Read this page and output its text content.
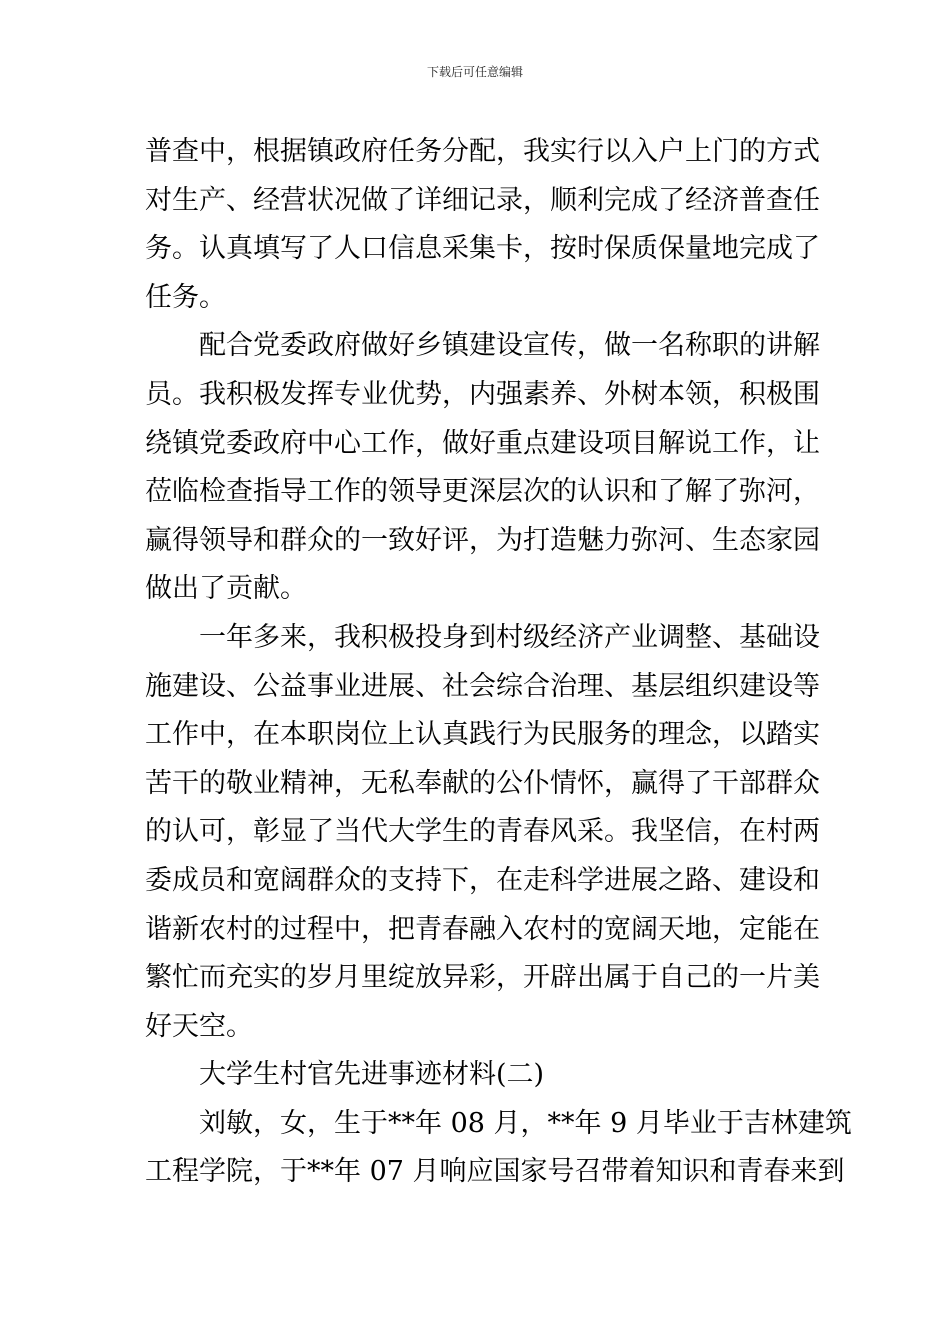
下载后可任意编辑
普查中，根据镇政府任务分配，我实行以入户上门的方式
对生产、经营状况做了详细记录，顺利完成了经济普查任
务。认真填写了人口信息采集卡，按时保质保量地完成了
任务。
配合党委政府做好乡镇建设宣传，做一名称职的讲解
员。我积极发挥专业优势，内强素养、外树本领，积极围
绕镇党委政府中心工作，做好重点建设项目解说工作，让
莅临检查指导工作的领导更深层次的认识和了解了弥河，
赢得领导和群众的一致好评，为打造魅力弥河、生态家园
做出了贡献。
一年多来，我积极投身到村级经济产业调整、基础设
施建设、公益事业进展、社会综合治理、基层组织建设等
工作中，在本职岗位上认真践行为民服务的理念，以踏实
苦干的敬业精神，无私奉献的公仆情怀，赢得了干部群众
的认可，彰显了当代大学生的青春风采。我坚信，在村两
委成员和宽阔群众的支持下，在走科学进展之路、建设和
谐新农村的过程中，把青春融入农村的宽阔天地，定能在
繁忙而充实的岁月里绽放异彩，开辟出属于自己的一片美
好天空。
大学生村官先进事迹材料(二)
刘敏，女，生于**年 08 月，**年 9 月毕业于吉林建筑
工程学院，于**年 07 月响应国家号召带着知识和青春来到
